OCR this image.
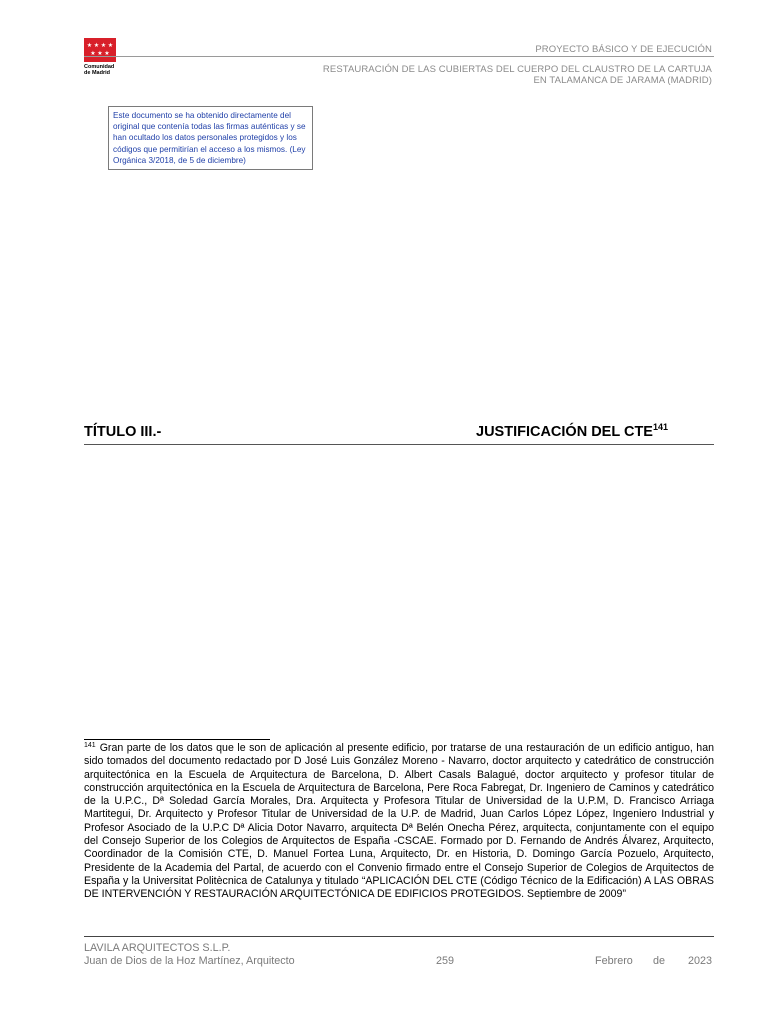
★ ★ ★ ★
★ ★ ★
Comunidad
de Madrid
PROYECTO BÁSICO Y DE EJECUCIÓN
RESTAURACIÓN DE LAS CUBIERTAS DEL CUERPO DEL CLAUSTRO DE LA CARTUJA
EN TALAMANCA DE JARAMA (MADRID)
Este documento se ha obtenido directamente del original que contenía todas las firmas auténticas y se han ocultado los datos personales protegidos y los códigos que permitirían el acceso a los mismos. (Ley Orgánica 3/2018, de 5 de diciembre)
TÍTULO III.-	JUSTIFICACIÓN DEL CTE$^{141}$
$^{141}$ Gran parte de los datos que le son de aplicación al presente edificio, por tratarse de una restauración de un edificio antiguo, han sido tomados del documento redactado por D José Luis González Moreno - Navarro, doctor arquitecto y catedrático de construcción arquitectónica en la Escuela de Arquitectura de Barcelona, D. Albert Casals Balagué, doctor arquitecto y profesor titular de construcción arquitectónica en la Escuela de Arquitectura de Barcelona, Pere Roca Fabregat, Dr. Ingeniero de Caminos y catedrático de la U.P.C., Dª Soledad García Morales, Dra. Arquitecta y Profesora Titular de Universidad de la U.P.M, D. Francisco Arriaga Martitegui, Dr. Arquitecto y Profesor Titular de Universidad de la U.P. de Madrid, Juan Carlos López López, Ingeniero Industrial y Profesor Asociado de la U.P.C Dª Alicia Dotor Navarro, arquitecta Dª Belén Onecha Pérez, arquitecta, conjuntamente con el equipo del Consejo Superior de los Colegios de Arquitectos de España -CSCAE. Formado por D. Fernando de Andrés Álvarez, Arquitecto, Coordinador de la Comisión CTE, D. Manuel Fortea Luna, Arquitecto, Dr. en Historia, D. Domingo García Pozuelo, Arquitecto, Presidente de la Academia del Partal, de acuerdo con el Convenio firmado entre el Consejo Superior de Colegios de Arquitectos de España y la Universitat Politècnica de Catalunya y titulado “APLICACIÓN DEL CTE (Código Técnico de la Edificación) A LAS OBRAS DE INTERVENCIÓN Y RESTAURACIÓN ARQUITECTÓNICA DE EDIFICIOS PROTEGIDOS. Septiembre de 2009”
LAVILA ARQUITECTOS S.L.P.
Juan de Dios de la Hoz Martínez, Arquitecto	259	Febrero de 2023
